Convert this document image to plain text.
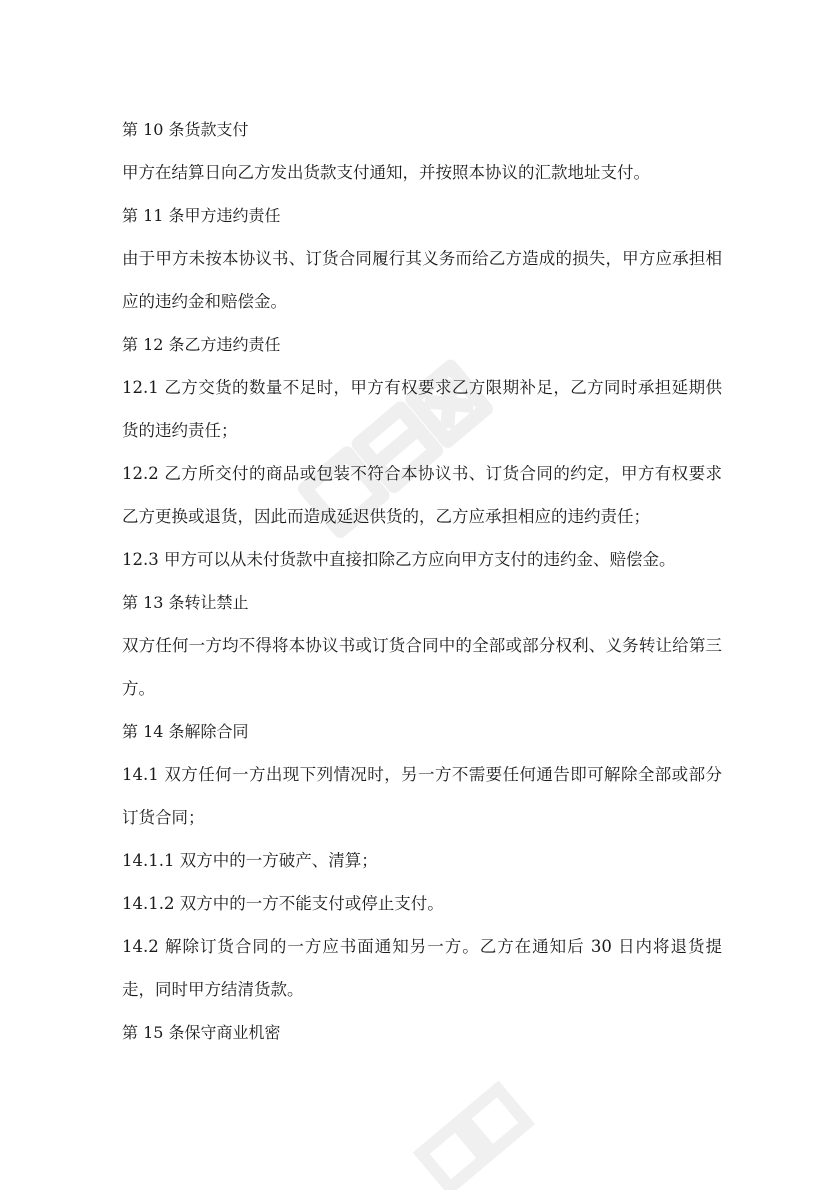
第 10 条货款支付

甲方在结算日向乙方发出货款支付通知，并按照本协议的汇款地址支付。

第 11 条甲方违约责任

由于甲方未按本协议书、订货合同履行其义务而给乙方造成的损失，甲方应承担相应的违约金和赔偿金。

第 12 条乙方违约责任

12.1 乙方交货的数量不足时，甲方有权要求乙方限期补足，乙方同时承担延期供货的违约责任；

12.2 乙方所交付的商品或包装不符合本协议书、订货合同的约定，甲方有权要求乙方更换或退货，因此而造成延迟供货的，乙方应承担相应的违约责任；

12.3 甲方可以从未付货款中直接扣除乙方应向甲方支付的违约金、赔偿金。

第 13 条转让禁止

双方任何一方均不得将本协议书或订货合同中的全部或部分权利、义务转让给第三方。

第 14 条解除合同

14.1 双方任何一方出现下列情况时，另一方不需要任何通告即可解除全部或部分订货合同；

14.1.1 双方中的一方破产、清算；

14.1.2 双方中的一方不能支付或停止支付。

14.2 解除订货合同的一方应书面通知另一方。乙方在通知后 30 日内将退货提走，同时甲方结清货款。

第 15 条保守商业机密
